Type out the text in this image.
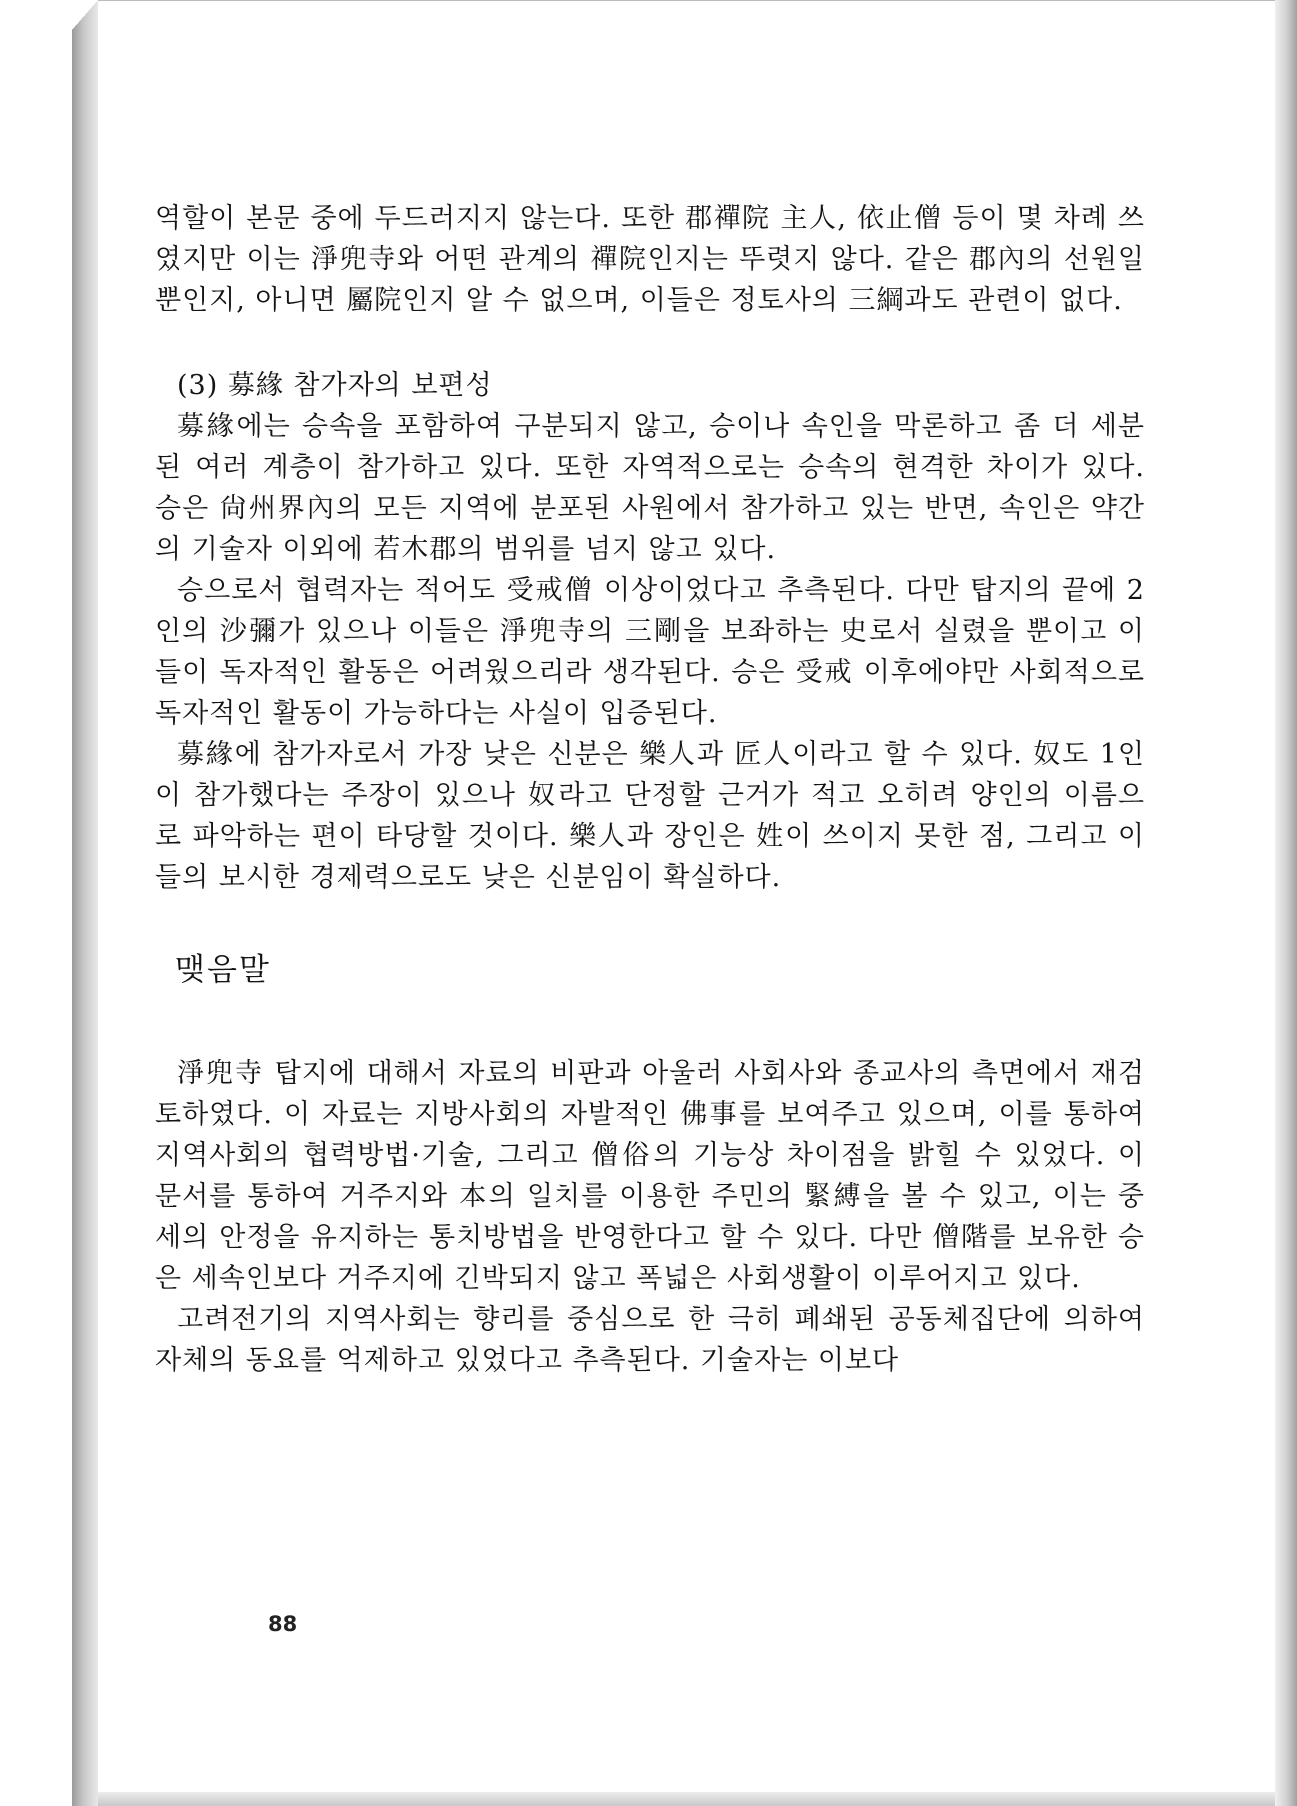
역할이 본문 중에 두드러지지 않는다. 또한 郡禪院 主人, 依止僧 등이 몇 차례 쓰였지만 이는 淨兜寺와 어떤 관계의 禪院인지는 뚜렷지 않다. 같은 郡內의 선원일 뿐인지, 아니면 屬院인지 알 수 없으며, 이들은 정토사의 三綱과도 관련이 없다.

(3) 募緣 참가자의 보편성

募緣에는 승속을 포함하여 구분되지 않고, 승이나 속인을 막론하고 좀 더 세분된 여러 계층이 참가하고 있다. 또한 자역적으로는 승속의 현격한 차이가 있다. 승은 尙州界內의 모든 지역에 분포된 사원에서 참가하고 있는 반면, 속인은 약간의 기술자 이외에 若木郡의 범위를 넘지 않고 있다.

승으로서 협력자는 적어도 受戒僧 이상이었다고 추측된다. 다만 탑지의 끝에 2인의 沙彌가 있으나 이들은 淨兜寺의 三剛을 보좌하는 史로서 실렸을 뿐이고 이들이 독자적인 활동은 어려웠으리라 생각된다. 승은 受戒 이후에야만 사회적으로 독자적인 활동이 가능하다는 사실이 입증된다.

募緣에 참가자로서 가장 낮은 신분은 樂人과 匠人이라고 할 수 있다. 奴도 1인이 참가했다는 주장이 있으나 奴라고 단정할 근거가 적고 오히려 양인의 이름으로 파악하는 편이 타당할 것이다. 樂人과 장인은 姓이 쓰이지 못한 점, 그리고 이들의 보시한 경제력으로도 낮은 신분임이 확실하다.

맺음말

淨兜寺 탑지에 대해서 자료의 비판과 아울러 사회사와 종교사의 측면에서 재검토하였다. 이 자료는 지방사회의 자발적인 佛事를 보여주고 있으며, 이를 통하여 지역사회의 협력방법·기술, 그리고 僧俗의 기능상 차이점을 밝힐 수 있었다. 이 문서를 통하여 거주지와 本의 일치를 이용한 주민의 緊縛을 볼 수 있고, 이는 중세의 안정을 유지하는 통치방법을 반영한다고 할 수 있다. 다만 僧階를 보유한 승은 세속인보다 거주지에 긴박되지 않고 폭넓은 사회생활이 이루어지고 있다.

고려전기의 지역사회는 향리를 중심으로 한 극히 폐쇄된 공동체집단에 의하여 자체의 동요를 억제하고 있었다고 추측된다. 기술자는 이보다

88
